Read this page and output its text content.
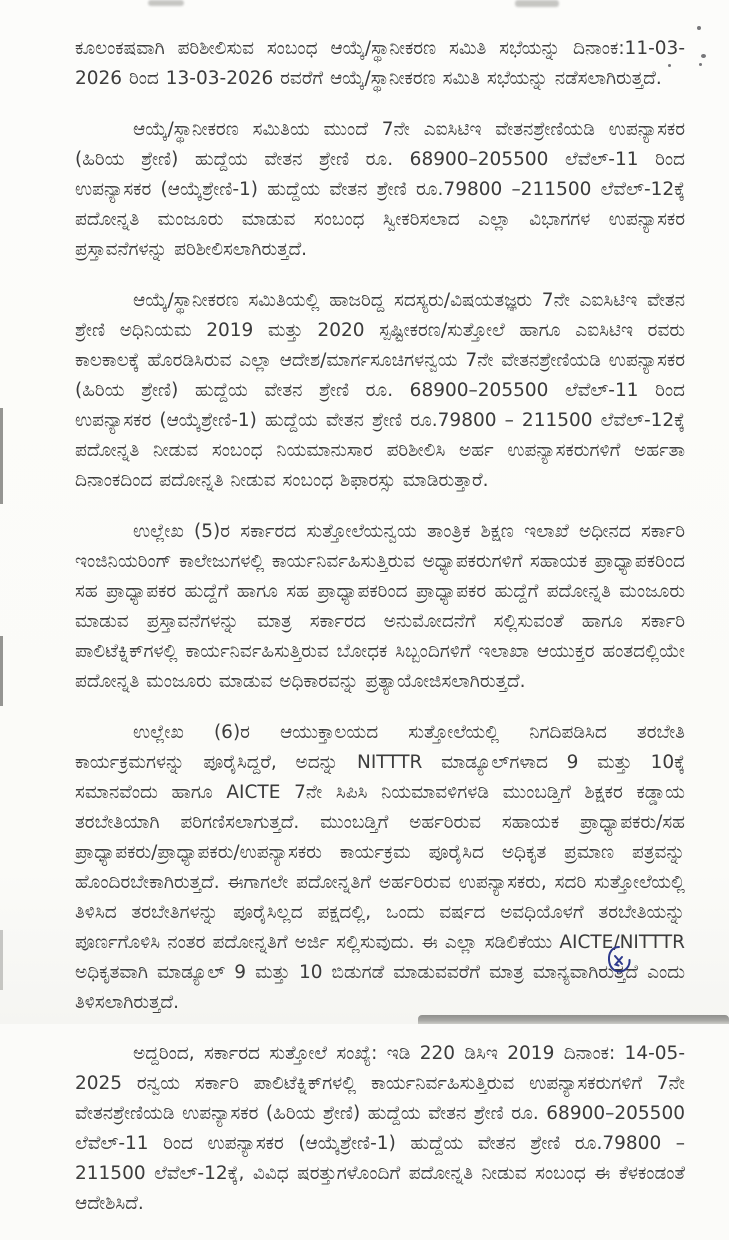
ಕೂಲಂಕಷವಾಗಿ ಪರಿಶೀಲಿಸುವ ಸಂಬಂಧ ಆಯ್ಕೆ/ಸ್ಥಾನೀಕರಣ ಸಮಿತಿ ಸಭೆಯನ್ನು ದಿನಾಂಕ:11-03-2026 ರಿಂದ 13-03-2026 ರವರೆಗೆ ಆಯ್ಕೆ/ಸ್ಥಾನೀಕರಣ ಸಮಿತಿ ಸಭೆಯನ್ನು ನಡೆಸಲಾಗಿರುತ್ತದೆ.

ಆಯ್ಕೆ/ಸ್ಥಾನೀಕರಣ ಸಮಿತಿಯ ಮುಂದೆ 7ನೇ ಎಐಸಿಟಿಇ ವೇತನಶ್ರೇಣಿಯಡಿ ಉಪನ್ಯಾಸಕರ (ಹಿರಿಯ ಶ್ರೇಣಿ) ಹುದ್ದೆಯ ವೇತನ ಶ್ರೇಣಿ ರೂ. 68900–205500 ಲೆವೆಲ್-11 ರಿಂದ ಉಪನ್ಯಾಸಕರ (ಆಯ್ಕೆಶ್ರೇಣಿ-1) ಹುದ್ದೆಯ ವೇತನ ಶ್ರೇಣಿ ರೂ.79800 –211500 ಲೆವೆಲ್-12ಕ್ಕೆ ಪದೋನ್ನತಿ ಮಂಜೂರು ಮಾಡುವ ಸಂಬಂಧ ಸ್ವೀಕರಿಸಲಾದ ಎಲ್ಲಾ ವಿಭಾಗಗಳ ಉಪನ್ಯಾಸಕರ ಪ್ರಸ್ತಾವನೆಗಳನ್ನು ಪರಿಶೀಲಿಸಲಾಗಿರುತ್ತದೆ.

ಆಯ್ಕೆ/ಸ್ಥಾನೀಕರಣ ಸಮಿತಿಯಲ್ಲಿ ಹಾಜರಿದ್ದ ಸದಸ್ಯರು/ವಿಷಯತಜ್ಞರು 7ನೇ ಎಐಸಿಟಿಇ ವೇತನ ಶ್ರೇಣಿ ಅಧಿನಿಯಮ 2019 ಮತ್ತು 2020 ಸ್ಪಷ್ಟೀಕರಣ/ಸುತ್ತೋಲೆ ಹಾಗೂ ಎಐಸಿಟಿಇ ರವರು ಕಾಲಕಾಲಕ್ಕೆ ಹೊರಡಿಸಿರುವ ಎಲ್ಲಾ ಆದೇಶ/ಮಾರ್ಗಸೂಚಿಗಳನ್ವಯ 7ನೇ ವೇತನಶ್ರೇಣಿಯಡಿ ಉಪನ್ಯಾಸಕರ (ಹಿರಿಯ ಶ್ರೇಣಿ) ಹುದ್ದೆಯ ವೇತನ ಶ್ರೇಣಿ ರೂ. 68900–205500 ಲೆವೆಲ್-11 ರಿಂದ ಉಪನ್ಯಾಸಕರ (ಆಯ್ಕೆಶ್ರೇಣಿ-1) ಹುದ್ದೆಯ ವೇತನ ಶ್ರೇಣಿ ರೂ.79800 – 211500 ಲೆವೆಲ್-12ಕ್ಕೆ ಪದೋನ್ನತಿ ನೀಡುವ ಸಂಬಂಧ ನಿಯಮಾನುಸಾರ ಪರಿಶೀಲಿಸಿ ಅರ್ಹ ಉಪನ್ಯಾಸಕರುಗಳಿಗೆ ಅರ್ಹತಾ ದಿನಾಂಕದಿಂದ ಪದೋನ್ನತಿ ನೀಡುವ ಸಂಬಂಧ ಶಿಫಾರಸ್ಸು ಮಾಡಿರುತ್ತಾರೆ.

ಉಲ್ಲೇಖ (5)ರ ಸರ್ಕಾರದ ಸುತ್ತೋಲೆಯನ್ವಯ ತಾಂತ್ರಿಕ ಶಿಕ್ಷಣ ಇಲಾಖೆ ಅಧೀನದ ಸರ್ಕಾರಿ ಇಂಜಿನಿಯರಿಂಗ್ ಕಾಲೇಜುಗಳಲ್ಲಿ ಕಾರ್ಯನಿರ್ವಹಿಸುತ್ತಿರುವ ಅಧ್ಯಾಪಕರುಗಳಿಗೆ ಸಹಾಯಕ ಪ್ರಾಧ್ಯಾಪಕರಿಂದ ಸಹ ಪ್ರಾಧ್ಯಾಪಕರ ಹುದ್ದೆಗೆ ಹಾಗೂ ಸಹ ಪ್ರಾಧ್ಯಾಪಕರಿಂದ ಪ್ರಾಧ್ಯಾಪಕರ ಹುದ್ದೆಗೆ ಪದೋನ್ನತಿ ಮಂಜೂರು ಮಾಡುವ ಪ್ರಸ್ತಾವನೆಗಳನ್ನು ಮಾತ್ರ ಸರ್ಕಾರದ ಅನುಮೋದನೆಗೆ ಸಲ್ಲಿಸುವಂತೆ ಹಾಗೂ ಸರ್ಕಾರಿ ಪಾಲಿಟೆಕ್ನಿಕ್‌ಗಳಲ್ಲಿ ಕಾರ್ಯನಿರ್ವಹಿಸುತ್ತಿರುವ ಬೋಧಕ ಸಿಬ್ಬಂದಿಗಳಿಗೆ ಇಲಾಖಾ ಆಯುಕ್ತರ ಹಂತದಲ್ಲಿಯೇ ಪದೋನ್ನತಿ ಮಂಜೂರು ಮಾಡುವ ಅಧಿಕಾರವನ್ನು ಪ್ರತ್ಯಾಯೋಜಿಸಲಾಗಿರುತ್ತದೆ.

ಉಲ್ಲೇಖ (6)ರ ಆಯುಕ್ತಾಲಯದ ಸುತ್ತೋಲೆಯಲ್ಲಿ ನಿಗದಿಪಡಿಸಿದ ತರಬೇತಿ ಕಾರ್ಯಕ್ರಮಗಳನ್ನು ಪೂರೈಸಿದ್ದರೆ, ಅದನ್ನು NITTTR ಮಾಡ್ಯೂಲ್‌ಗಳಾದ 9 ಮತ್ತು 10ಕ್ಕೆ ಸಮಾನವೆಂದು ಹಾಗೂ AICTE 7ನೇ ಸಿಪಿಸಿ ನಿಯಮಾವಳಿಗಳಡಿ ಮುಂಬಡ್ತಿಗೆ ಶಿಕ್ಷಕರ ಕಡ್ಡಾಯ ತರಬೇತಿಯಾಗಿ ಪರಿಗಣಿಸಲಾಗುತ್ತದೆ. ಮುಂಬಡ್ತಿಗೆ ಅರ್ಹರಿರುವ ಸಹಾಯಕ ಪ್ರಾಧ್ಯಾಪಕರು/ಸಹ ಪ್ರಾಧ್ಯಾಪಕರು/ಪ್ರಾಧ್ಯಾಪಕರು/ಉಪನ್ಯಾಸಕರು ಕಾರ್ಯಕ್ರಮ ಪೂರೈಸಿದ ಅಧಿಕೃತ ಪ್ರಮಾಣ ಪತ್ರವನ್ನು ಹೊಂದಿರಬೇಕಾಗಿರುತ್ತದೆ. ಈಗಾಗಲೇ ಪದೋನ್ನತಿಗೆ ಅರ್ಹರಿರುವ ಉಪನ್ಯಾಸಕರು, ಸದರಿ ಸುತ್ತೋಲೆಯಲ್ಲಿ ತಿಳಿಸಿದ ತರಬೇತಿಗಳನ್ನು ಪೂರೈಸಿಲ್ಲದ ಪಕ್ಷದಲ್ಲಿ, ಒಂದು ವರ್ಷದ ಅವಧಿಯೊಳಗೆ ತರಬೇತಿಯನ್ನು ಪೂರ್ಣಗೊಳಿಸಿ ನಂತರ ಪದೋನ್ನತಿಗೆ ಅರ್ಜಿ ಸಲ್ಲಿಸುವುದು. ಈ ಎಲ್ಲಾ ಸಡಿಲಿಕೆಯು AICTE/NITTTR ಅಧಿಕೃತವಾಗಿ ಮಾಡ್ಯೂಲ್ 9 ಮತ್ತು 10 ಬಿಡುಗಡೆ ಮಾಡುವವರೆಗೆ ಮಾತ್ರ ಮಾನ್ಯವಾಗಿರುತ್ತದೆ ಎಂದು ತಿಳಿಸಲಾಗಿರುತ್ತದೆ.

ಅದ್ದರಿಂದ, ಸರ್ಕಾರದ ಸುತ್ತೋಲೆ ಸಂಖ್ಯೆ: ಇಡಿ 220 ಡಿಸಿಇ 2019 ದಿನಾಂಕ: 14-05-2025 ರನ್ವಯ ಸರ್ಕಾರಿ ಪಾಲಿಟೆಕ್ನಿಕ್‌ಗಳಲ್ಲಿ ಕಾರ್ಯನಿರ್ವಹಿಸುತ್ತಿರುವ ಉಪನ್ಯಾಸಕರುಗಳಿಗೆ 7ನೇ ವೇತನಶ್ರೇಣಿಯಡಿ ಉಪನ್ಯಾಸಕರ (ಹಿರಿಯ ಶ್ರೇಣಿ) ಹುದ್ದೆಯ ವೇತನ ಶ್ರೇಣಿ ರೂ. 68900–205500 ಲೆವೆಲ್-11 ರಿಂದ ಉಪನ್ಯಾಸಕರ (ಆಯ್ಕೆಶ್ರೇಣಿ-1) ಹುದ್ದೆಯ ವೇತನ ಶ್ರೇಣಿ ರೂ.79800 – 211500 ಲೆವೆಲ್-12ಕ್ಕೆ, ವಿವಿಧ ಷರತ್ತುಗಳೊಂದಿಗೆ ಪದೋನ್ನತಿ ನೀಡುವ ಸಂಬಂಧ ಈ ಕೆಳಕಂಡಂತೆ ಆದೇಶಿಸಿದೆ.
